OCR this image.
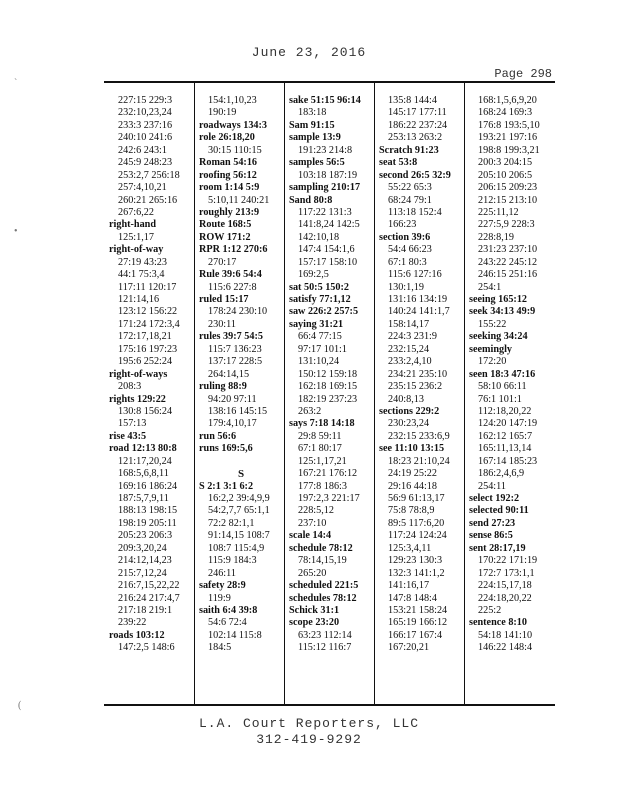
June 23, 2016
Page 298
227:15 229:3
232:10,23,24
233:3 237:16
240:10 241:6
242:6 243:1
245:9 248:23
253:2,7 256:18
257:4,10,21
260:21 265:16
267:6,22
right-hand
125:1,17
right-of-way
27:19 43:23
44:1 75:3,4
117:11 120:17
121:14,16
123:12 156:22
171:24 172:3,4
172:17,18,21
175:16 197:23
195:6 252:24
right-of-ways
208:3
rights 129:22
130:8 156:24
157:13
rise 43:5
road 12:13 80:8
121:17,20,24
168:5,6,8,11
169:16 186:24
187:5,7,9,11
188:13 198:15
198:19 205:11
205:23 206:3
209:3,20,24
214:12,14,23
215:7,12,24
216:7,15,22,22
216:24 217:4,7
217:18 219:1
239:22
roads 103:12
147:2,5 148:6
154:1,10,23
190:19
roadways 134:3
role 26:18,20
30:15 110:15
Roman 54:16
roofing 56:12
room 1:14 5:9
5:10,11 240:21
roughly 213:9
Route 168:5
ROW 171:2
RPR 1:12 270:6
270:17
Rule 39:6 54:4
115:6 227:8
ruled 15:17
178:24 230:10
230:11
rules 39:7 54:5
115:7 136:23
137:17 228:5
264:14,15
ruling 88:9
94:20 97:11
138:16 145:15
179:4,10,17
run 56:6
runs 169:5,6

S
S 2:1 3:1 6:2
16:2,2 39:4,9,9
54:2,7,7 65:1,1
72:2 82:1,1
91:14,15 108:7
108:7 115:4,9
115:9 184:3
246:11
safety 28:9
119:9
saith 6:4 39:8
54:6 72:4
102:14 115:8
184:5
sake 51:15 96:14
183:18
Sam 91:15
sample 13:9
191:23 214:8
samples 56:5
103:18 187:19
sampling 210:17
Sand 80:8
117:22 131:3
141:8,24 142:5
142:10,18
147:4 154:1,6
157:17 158:10
169:2,5
sat 50:5 150:2
satisfy 77:1,12
saw 226:2 257:5
saying 31:21
66:4 77:15
97:17 101:1
131:10,24
150:12 159:18
162:18 169:15
182:19 237:23
263:2
says 7:18 14:18
29:8 59:11
67:1 80:17
125:1,17,21
167:21 176:12
177:8 186:3
197:2,3 221:17
228:5,12
237:10
scale 14:4
schedule 78:12
78:14,15,19
265:20
scheduled 221:5
schedules 78:12
Schick 31:1
scope 23:20
63:23 112:14
115:12 116:7
135:8 144:4
145:17 177:11
186:22 237:24
253:13 263:2
Scratch 91:23
seat 53:8
second 26:5 32:9
55:22 65:3
68:24 79:1
113:18 152:4
166:23
section 39:6
54:4 66:23
67:1 80:3
115:6 127:16
130:1,19
131:16 134:19
140:24 141:1,7
158:14,17
224:3 231:9
232:15,24
233:2,4,10
234:21 235:10
235:15 236:2
240:8,13
sections 229:2
230:23,24
232:15 233:6,9
see 11:10 13:15
18:23 21:10,24
24:19 25:22
29:16 44:18
56:9 61:13,17
75:8 78:8,9
89:5 117:6,20
117:24 124:24
125:3,4,11
129:23 130:3
132:3 141:1,2
141:16,17
147:8 148:4
153:21 158:24
165:19 166:12
166:17 167:4
167:20,21
168:1,5,6,9,20
168:24 169:3
176:8 193:5,10
193:21 197:16
198:8 199:3,21
200:3 204:15
205:10 206:5
206:15 209:23
212:15 213:10
225:11,12
227:5,9 228:3
228:8,19
231:23 237:10
243:22 245:12
246:15 251:16
254:1
seeing 165:12
seek 34:13 49:9
155:22
seeking 34:24
seemingly
172:20
seen 18:3 47:16
58:10 66:11
76:1 101:1
112:18,20,22
124:20 147:19
162:12 165:7
165:11,13,14
167:14 185:23
186:2,4,6,9
254:11
select 192:2
selected 90:11
send 27:23
sense 86:5
sent 28:17,19
170:22 171:19
172:7 173:1,1
224:15,17,18
224:18,20,22
225:2
sentence 8:10
54:18 141:10
146:22 148:4
L.A. Court Reporters, LLC
312-419-9292
`
•
(
